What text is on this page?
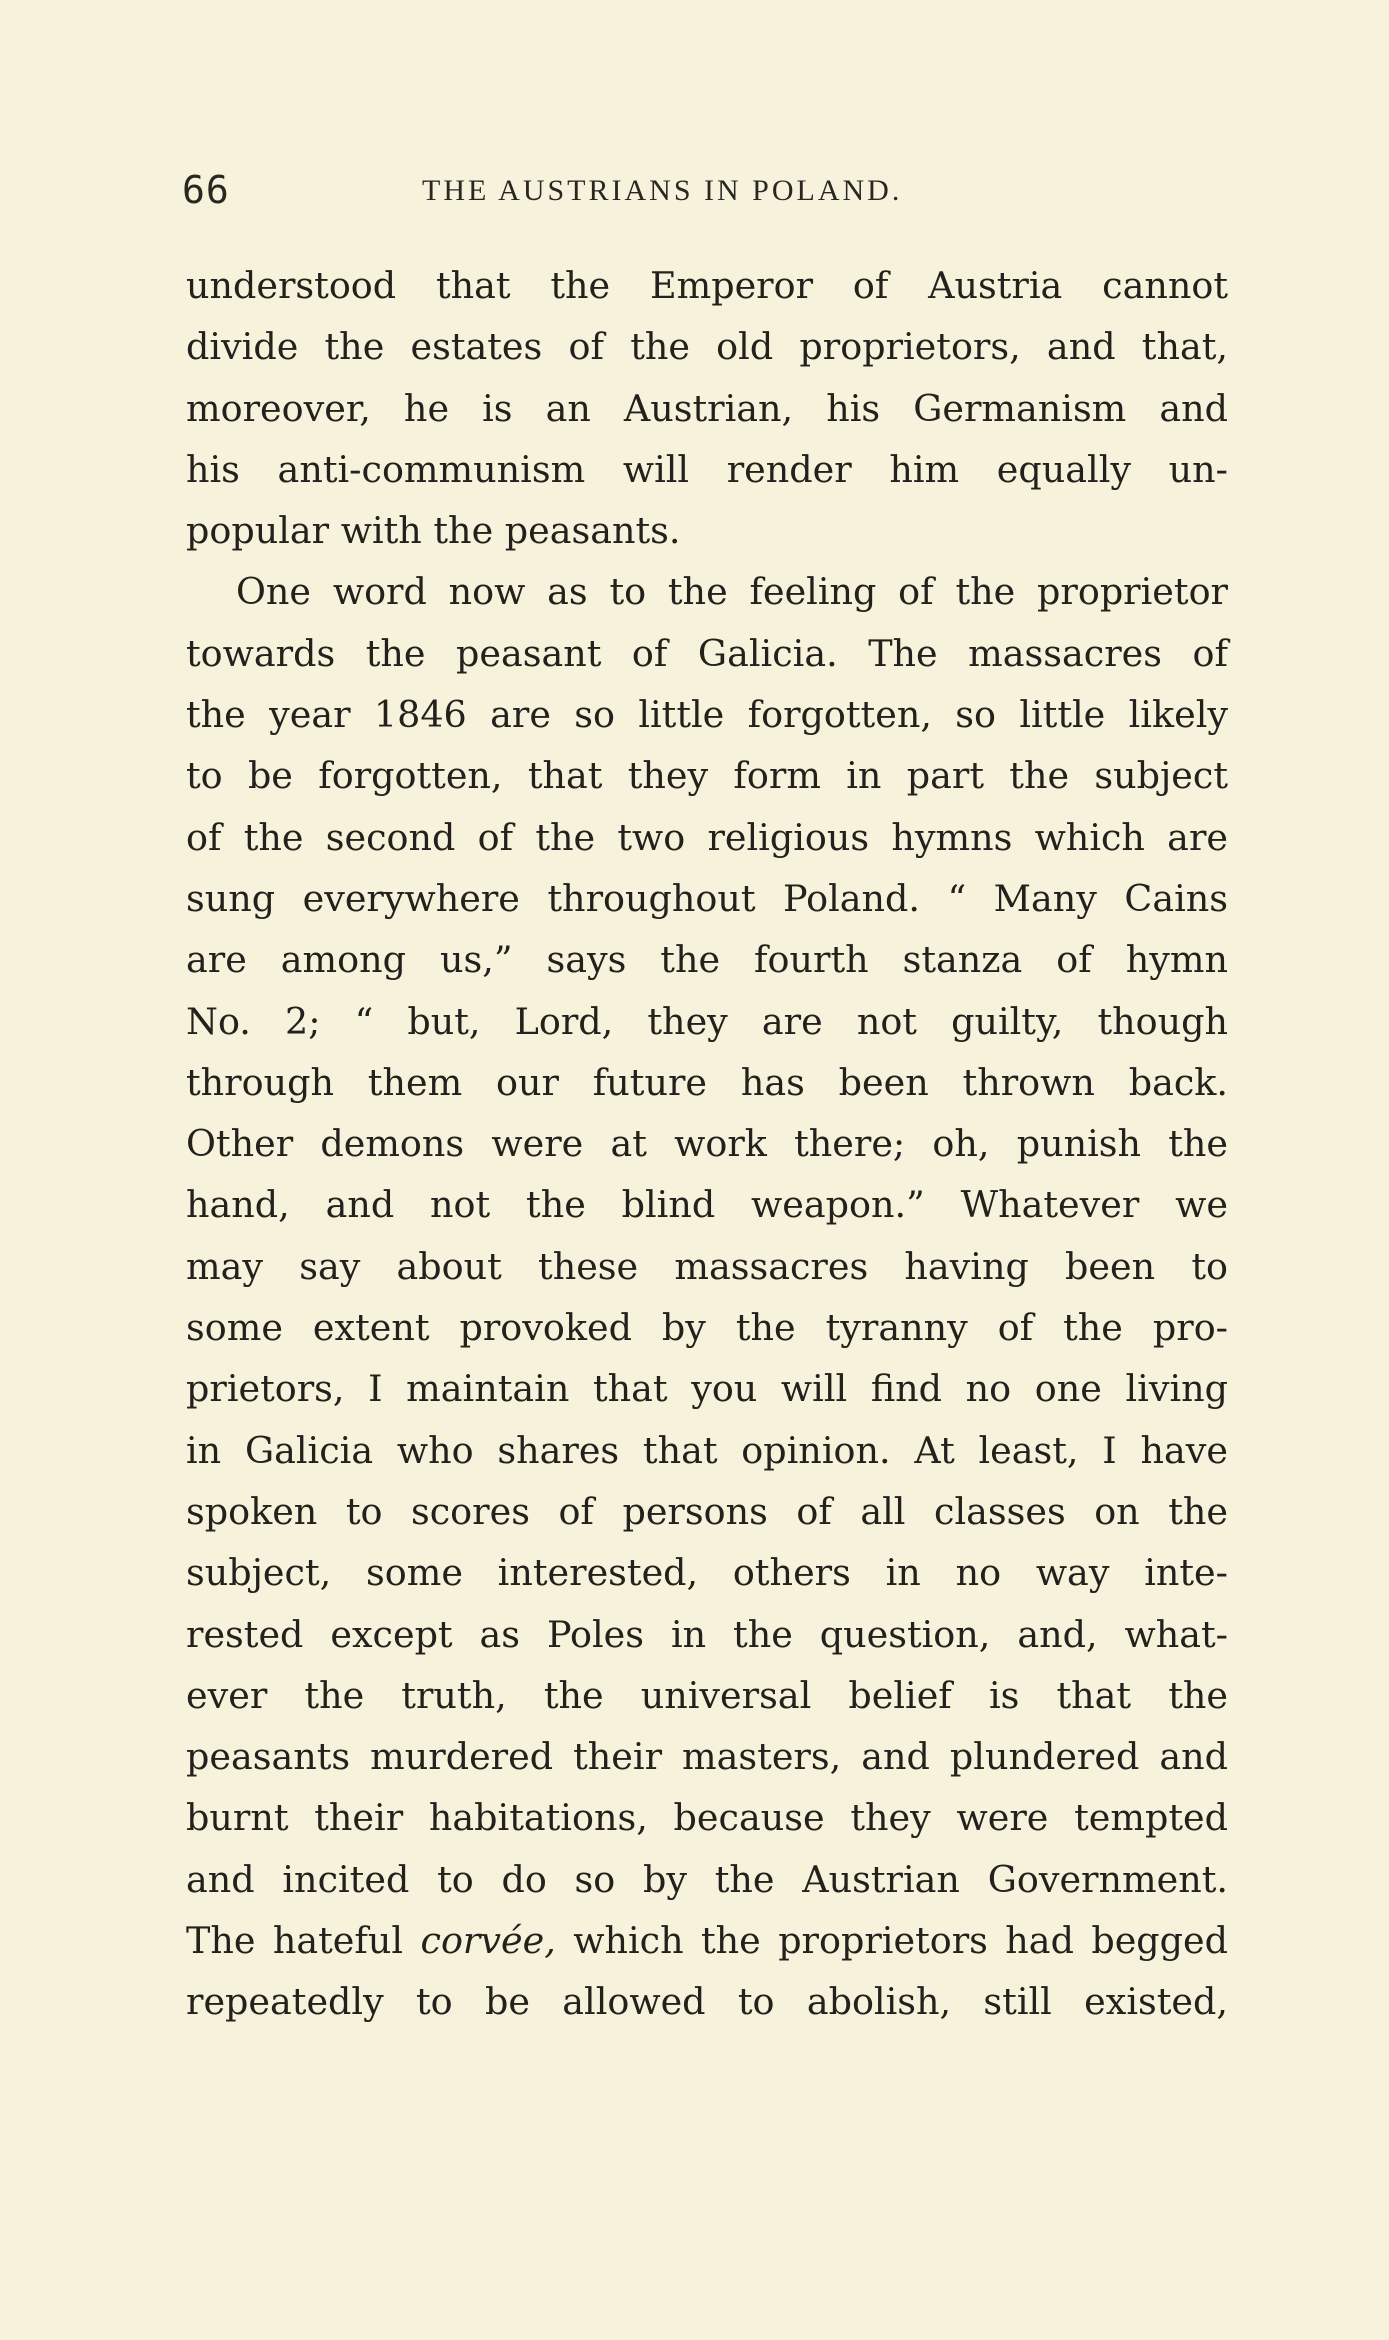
66	THE AUSTRIANS IN POLAND.
understood that the Emperor of Austria cannot
divide the estates of the old proprietors, and that,
moreover, he is an Austrian, his Germanism and
his anti-communism will render him equally un-
popular with the peasants.
One word now as to the feeling of the proprietor
towards the peasant of Galicia. The massacres of
the year 1846 are so little forgotten, so little likely
to be forgotten, that they form in part the subject
of the second of the two religious hymns which are
sung everywhere throughout Poland. “ Many Cains
are among us,” says the fourth stanza of hymn
No. 2; “ but, Lord, they are not guilty, though
through them our future has been thrown back.
Other demons were at work there; oh, punish the
hand, and not the blind weapon.” Whatever we
may say about these massacres having been to
some extent provoked by the tyranny of the pro-
prietors, I maintain that you will find no one living
in Galicia who shares that opinion. At least, I have
spoken to scores of persons of all classes on the
subject, some interested, others in no way inte-
rested except as Poles in the question, and, what-
ever the truth, the universal belief is that the
peasants murdered their masters, and plundered and
burnt their habitations, because they were tempted
and incited to do so by the Austrian Government.
The hateful corvée, which the proprietors had begged
repeatedly to be allowed to abolish, still existed,
